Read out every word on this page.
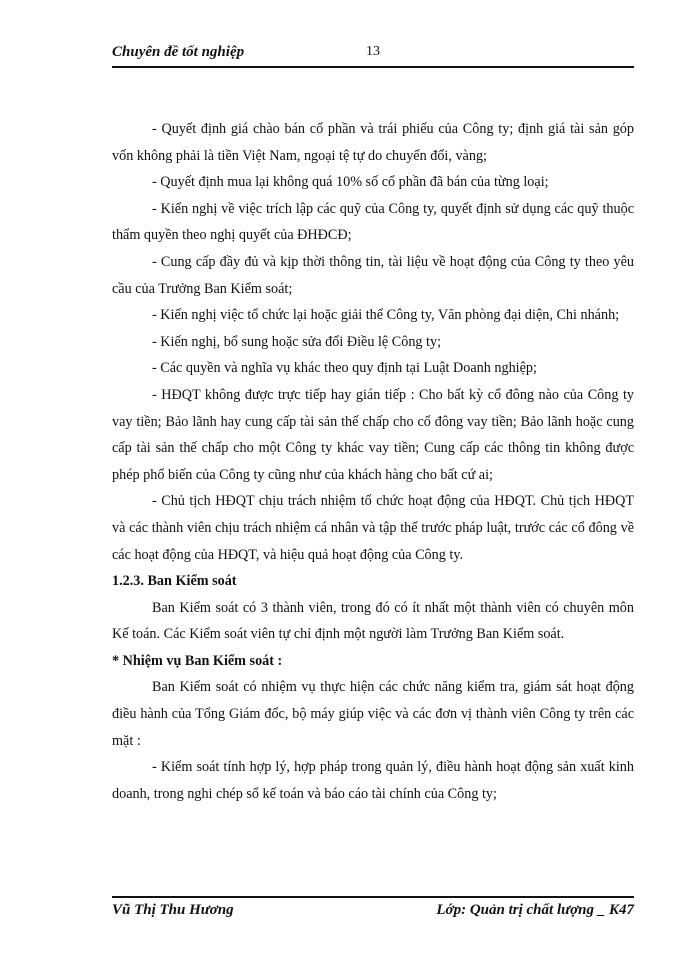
Chuyên đề tốt nghiệp	13

- Quyết định giá chào bán cổ phần và trái phiếu của Công ty; định giá tài sản góp vốn không phải là tiền Việt Nam, ngoại tệ tự do chuyển đổi, vàng;

- Quyết định mua lại không quá 10% số cổ phần đã bán của từng loại;

- Kiến nghị về việc trích lập các quỹ của Công ty, quyết định sử dụng các quỹ thuộc thẩm quyền theo nghị quyết của ĐHĐCĐ;

- Cung cấp đầy đủ và kịp thời thông tin, tài liệu về hoạt động của Công ty theo yêu cầu của Trưởng Ban Kiểm soát;

- Kiến nghị việc tổ chức lại hoặc giải thể Công ty, Văn phòng đại diện, Chi nhánh;

- Kiến nghị, bổ sung hoặc sửa đổi Điều lệ Công ty;

- Các quyền và nghĩa vụ khác theo quy định tại Luật Doanh nghiệp;

- HĐQT không được trực tiếp hay gián tiếp : Cho bất kỳ cổ đông nào của Công ty vay tiền; Bảo lãnh hay cung cấp tài sản thế chấp cho cổ đông vay tiền; Bảo lãnh hoặc cung cấp tài sản thế chấp cho một Công ty khác vay tiền; Cung cấp các thông tin không được phép phổ biến của Công ty cũng như của khách hàng cho bất cứ ai;

- Chủ tịch HĐQT chịu trách nhiệm tổ chức hoạt động của HĐQT. Chủ tịch HĐQT và các thành viên chịu trách nhiệm cá nhân và tập thể trước pháp luật, trước các cổ đông về các hoạt động của HĐQT, và hiệu quả hoạt động của Công ty.

1.2.3. Ban Kiểm soát

Ban Kiểm soát có 3 thành viên, trong đó có ít nhất một thành viên có chuyên môn Kế toán. Các Kiểm soát viên tự chỉ định một người làm Trưởng Ban Kiểm soát.

* Nhiệm vụ Ban Kiểm soát :

Ban Kiểm soát có nhiệm vụ thực hiện các chức năng kiểm tra, giám sát hoạt động điều hành của Tổng Giám đốc, bộ máy giúp việc và các đơn vị thành viên Công ty trên các mặt :

- Kiểm soát tính hợp lý, hợp pháp trong quản lý, điều hành hoạt động sản xuất kinh doanh, trong nghi chép sổ kế toán và báo cáo tài chính của Công ty;

Vũ Thị Thu Hương	Lớp: Quản trị chất lượng _ K47
